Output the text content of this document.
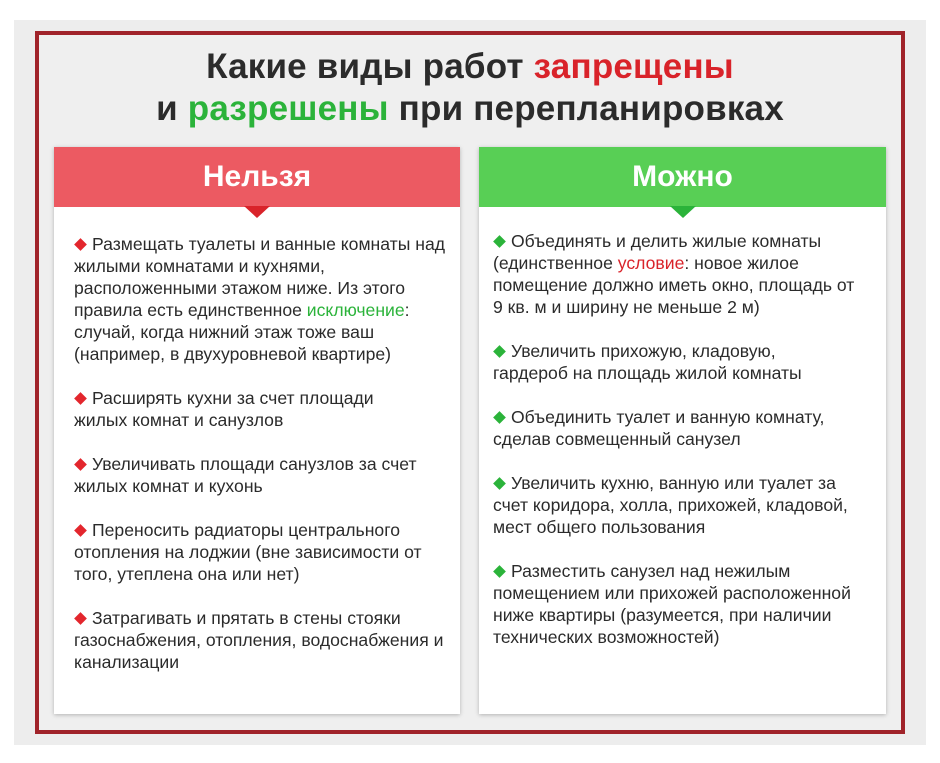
Какие виды работ запрещены
и разрешены при перепланировках
Нельзя
Размещать туалеты и ванные комнаты над жилыми комнатами и кухнями, расположенными этажом ниже. Из этого правила есть единственное исключение: случай, когда нижний этаж тоже ваш (например, в двухуровневой квартире)
Расширять кухни за счет площади жилых комнат и санузлов
Увеличивать площади санузлов за счет жилых комнат и кухонь
Переносить радиаторы центрального отопления на лоджии (вне зависимости от того, утеплена она или нет)
Затрагивать и прятать в стены стояки газоснабжения, отопления, водоснабжения и канализации
Можно
Объединять и делить жилые комнаты (единственное условие: новое жилое помещение должно иметь окно, площадь от 9 кв. м и ширину не меньше 2 м)
Увеличить прихожую, кладовую, гардероб на площадь жилой комнаты
Объединить туалет и ванную комнату, сделав совмещенный санузел
Увеличить кухню, ванную или туалет за счет коридора, холла, прихожей, кладовой, мест общего пользования
Разместить санузел над нежилым помещением или прихожей расположенной ниже квартиры (разумеется, при наличии технических возможностей)
